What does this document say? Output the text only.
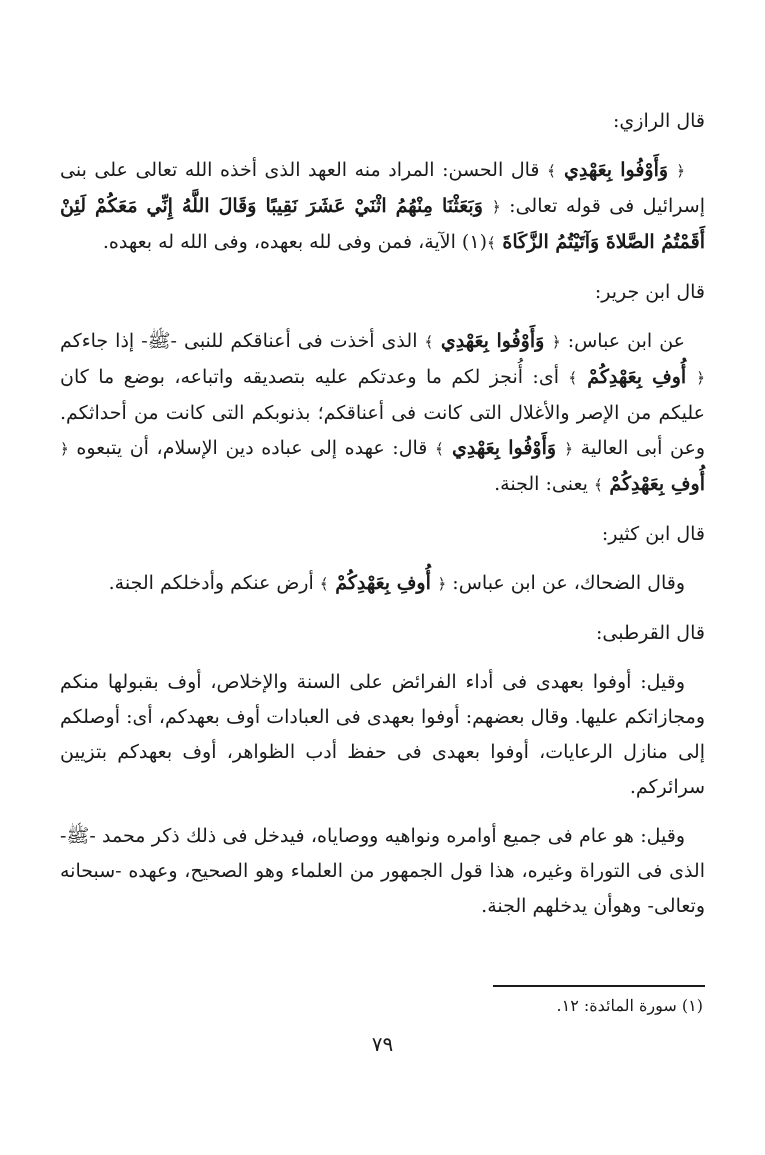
قال الرازي:

﴿ وَأَوْفُوا بِعَهْدِي ﴾ قال الحسن: المراد منه العهد الذى أخذه الله تعالى على بنى إسرائيل فى قوله تعالى: ﴿ وَبَعَثْنَا مِنْهُمُ اثْنَيْ عَشَرَ نَقِيبًا وَقَالَ اللَّهُ إِنِّي مَعَكُمْ لَئِنْ أَقَمْتُمُ الصَّلاةَ وَآتَيْتُمُ الزَّكَاةَ ﴾(١) الآية، فمن وفى لله بعهده، وفى الله له بعهده.

قال ابن جرير:

عن ابن عباس: ﴿ وَأَوْفُوا بِعَهْدِي ﴾ الذى أخذت فى أعناقكم للنبى -ﷺ- إذا جاءكم ﴿ أُوفِ بِعَهْدِكُمْ ﴾ أى: أُنجز لكم ما وعدتكم عليه بتصديقه واتباعه، بوضع ما كان عليكم من الإصر والأغلال التى كانت فى أعناقكم؛ بذنوبكم التى كانت من أحداثكم. وعن أبى العالية ﴿ وَأَوْفُوا بِعَهْدِي ﴾ قال: عهده إلى عباده دين الإسلام، أن يتبعوه ﴿ أُوفِ بِعَهْدِكُمْ ﴾ يعنى: الجنة.

قال ابن كثير:

وقال الضحاك، عن ابن عباس: ﴿ أُوفِ بِعَهْدِكُمْ ﴾ أرض عنكم وأدخلكم الجنة.

قال القرطبى:

وقيل: أوفوا بعهدى فى أداء الفرائض على السنة والإخلاص، أوف بقبولها منكم ومجازاتكم عليها. وقال بعضهم: أوفوا بعهدى فى العبادات أوف بعهدكم، أى: أوصلكم إلى منازل الرعايات، أوفوا بعهدى فى حفظ أدب الظواهر، أوف بعهدكم بتزيين سرائركم.

وقيل: هو عام فى جميع أوامره ونواهيه ووصاياه، فيدخل فى ذلك ذكر محمد -ﷺ- الذى فى التوراة وغيره، هذا قول الجمهور من العلماء وهو الصحيح، وعهده -سبحانه وتعالى- وهوأن يدخلهم الجنة.

(١) سورة المائدة: ١٢.
٧٩
